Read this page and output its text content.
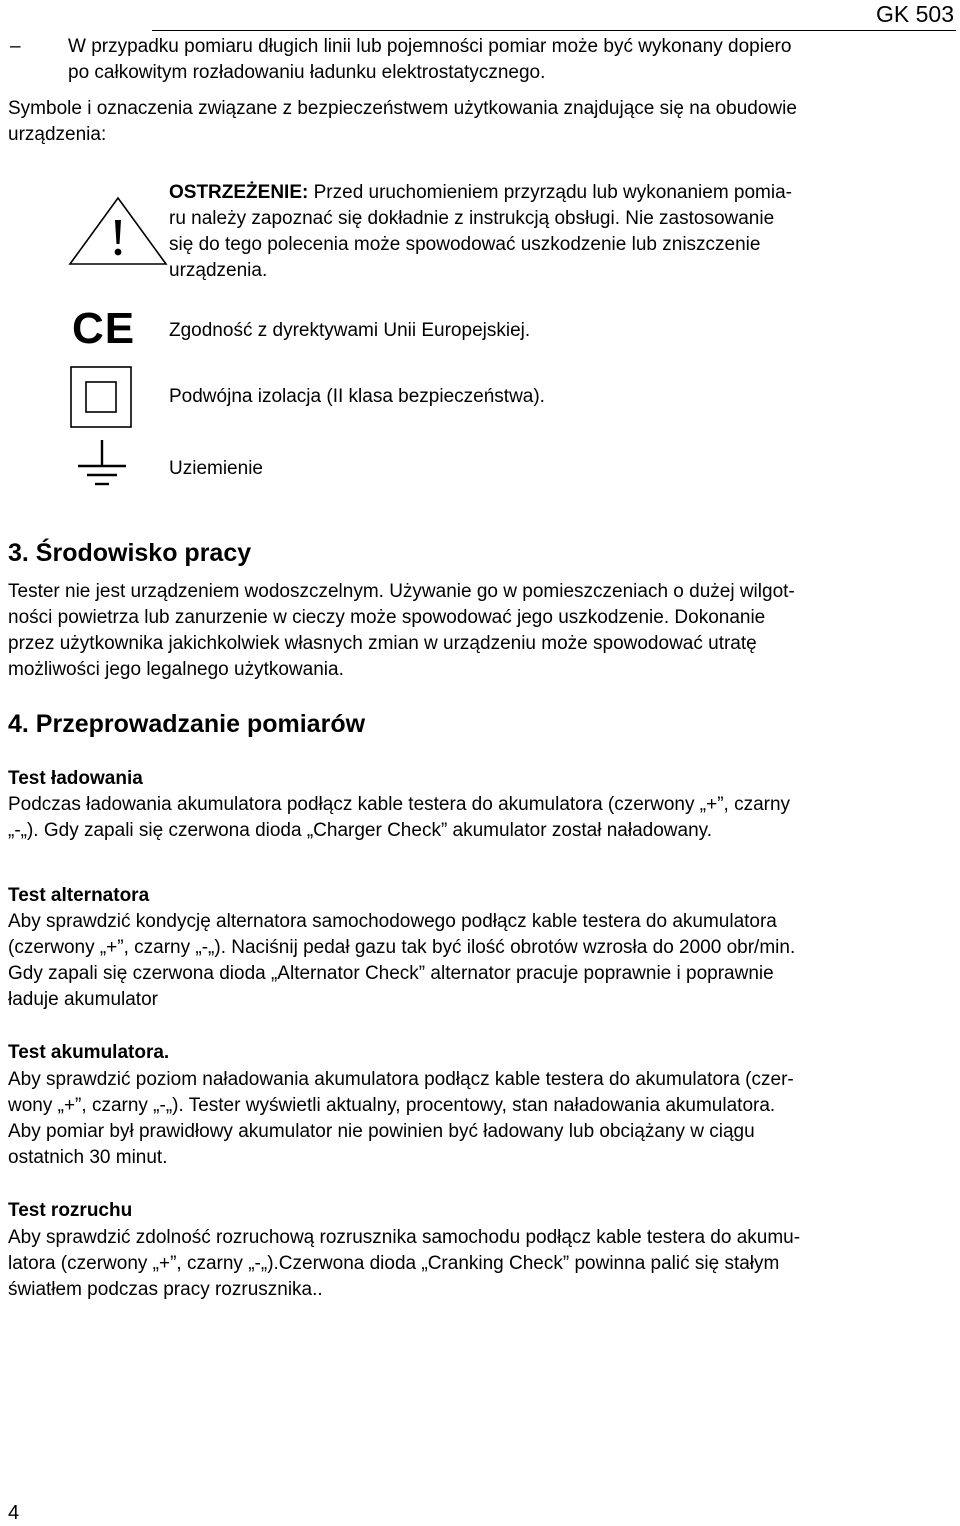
GK 503
– W przypadku pomiaru długich linii lub pojemności pomiar może być wykonany dopiero
po całkowitym rozładowaniu ładunku elektrostatycznego.
Symbole i oznaczenia związane z bezpieczeństwem użytkowania znajdujące się na obudowie
urządzenia:
OSTRZEŻENIE: Przed uruchomieniem przyrządu lub wykonaniem pomia-
ru należy zapoznać się dokładnie z instrukcją obsługi. Nie zastosowanie
się do tego polecenia może spowodować uszkodzenie lub zniszczenie
urządzenia.
CE Zgodność z dyrektywami Unii Europejskiej.
Podwójna izolacja (II klasa bezpieczeństwa).
Uziemienie
3. Środowisko pracy
Tester nie jest urządzeniem wodoszczelnym. Używanie go w pomieszczeniach o dużej wilgot-
ności powietrza lub zanurzenie w cieczy może spowodować jego uszkodzenie. Dokonanie
przez użytkownika jakichkolwiek własnych zmian w urządzeniu może spowodować utratę
możliwości jego legalnego użytkowania.
4. Przeprowadzanie pomiarów
Test ładowania
Podczas ładowania akumulatora podłącz kable testera do akumulatora (czerwony „+”, czarny
„-„). Gdy zapali się czerwona dioda „Charger Check” akumulator został naładowany.
Test alternatora
Aby sprawdzić kondycję alternatora samochodowego podłącz kable testera do akumulatora
(czerwony „+”, czarny „-„). Naciśnij pedał gazu tak być ilość obrotów wzrosła do 2000 obr/min.
Gdy zapali się czerwona dioda „Alternator Check” alternator pracuje poprawnie i poprawnie
ładuje akumulator
Test akumulatora.
Aby sprawdzić poziom naładowania akumulatora podłącz kable testera do akumulatora (czer-
wony „+”, czarny „-„). Tester wyświetli aktualny, procentowy, stan naładowania akumulatora.
Aby pomiar był prawidłowy akumulator nie powinien być ładowany lub obciążany w ciągu
ostatnich 30 minut.
Test rozruchu
Aby sprawdzić zdolność rozruchową rozrusznika samochodu podłącz kable testera do akumu-
latora (czerwony „+”, czarny „-„).Czerwona dioda „Cranking Check” powinna palić się stałym
światłem podczas pracy rozrusznika..
4
